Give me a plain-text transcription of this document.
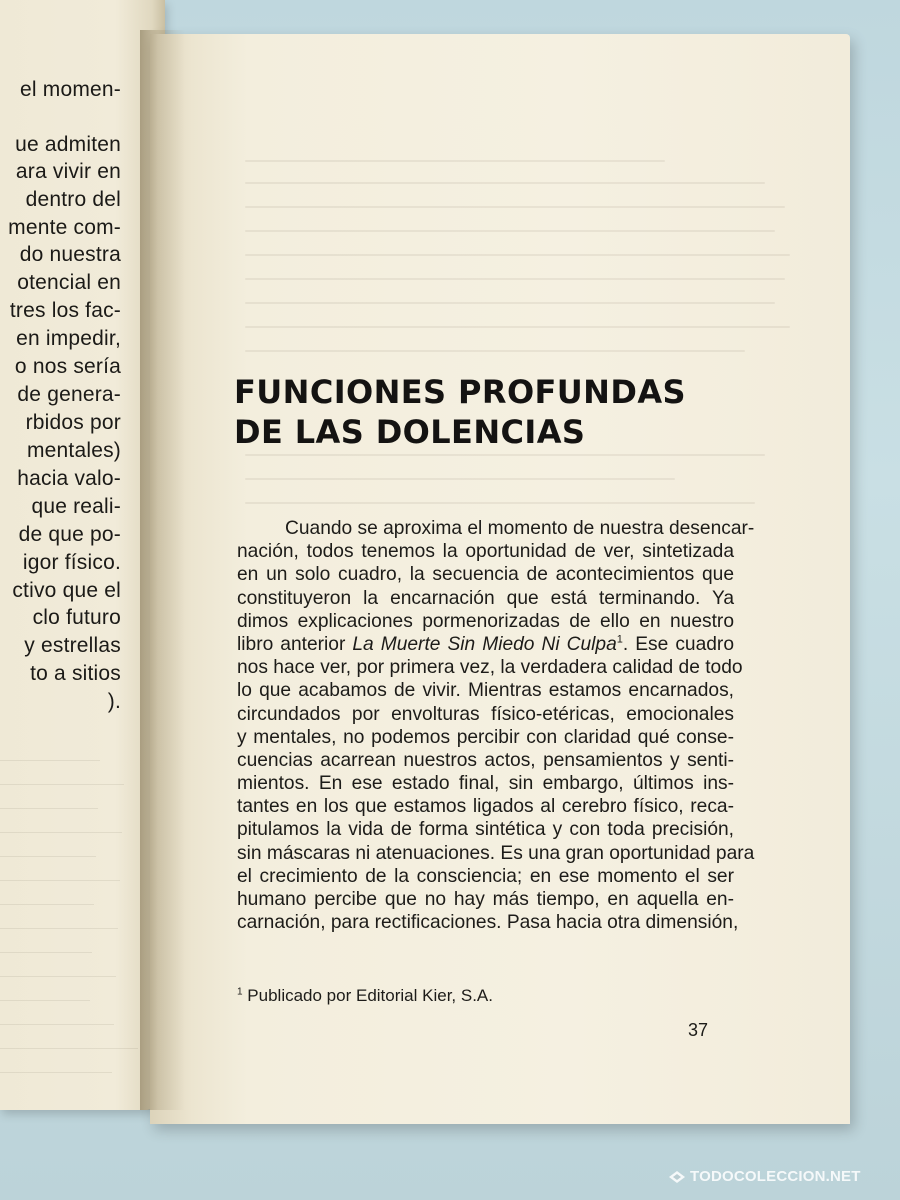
el momen-
ue admiten
ara vivir en
dentro del
mente com-
do nuestra
otencial en
tres los fac-
en impedir,
o nos sería
de genera-
rbidos por
mentales)
hacia valo-
que reali-
de que po-
igor físico.
ctivo que el
clo futuro
y estrellas
to a sitios
).
FUNCIONES PROFUNDAS
DE LAS DOLENCIAS
Cuando se aproxima el momento de nuestra desencar-
nación, todos tenemos la oportunidad de ver, sintetizada
en un solo cuadro, la secuencia de acontecimientos que
constituyeron la encarnación que está terminando. Ya
dimos explicaciones pormenorizadas de ello en nuestro
libro anterior La Muerte Sin Miedo Ni Culpa$^1$. Ese cuadro
nos hace ver, por primera vez, la verdadera calidad de todo
lo que acabamos de vivir. Mientras estamos encarnados,
circundados por envolturas físico-etéricas, emocionales
y mentales, no podemos percibir con claridad qué conse-
cuencias acarrean nuestros actos, pensamientos y senti-
mientos. En ese estado final, sin embargo, últimos ins-
tantes en los que estamos ligados al cerebro físico, reca-
pitulamos la vida de forma sintética y con toda precisión,
sin máscaras ni atenuaciones. Es una gran oportunidad para
el crecimiento de la consciencia; en ese momento el ser
humano percibe que no hay más tiempo, en aquella en-
carnación, para rectificaciones. Pasa hacia otra dimensión,
$^1$ Publicado por Editorial Kier, S.A.
37
TODOCOLECCION.NET
